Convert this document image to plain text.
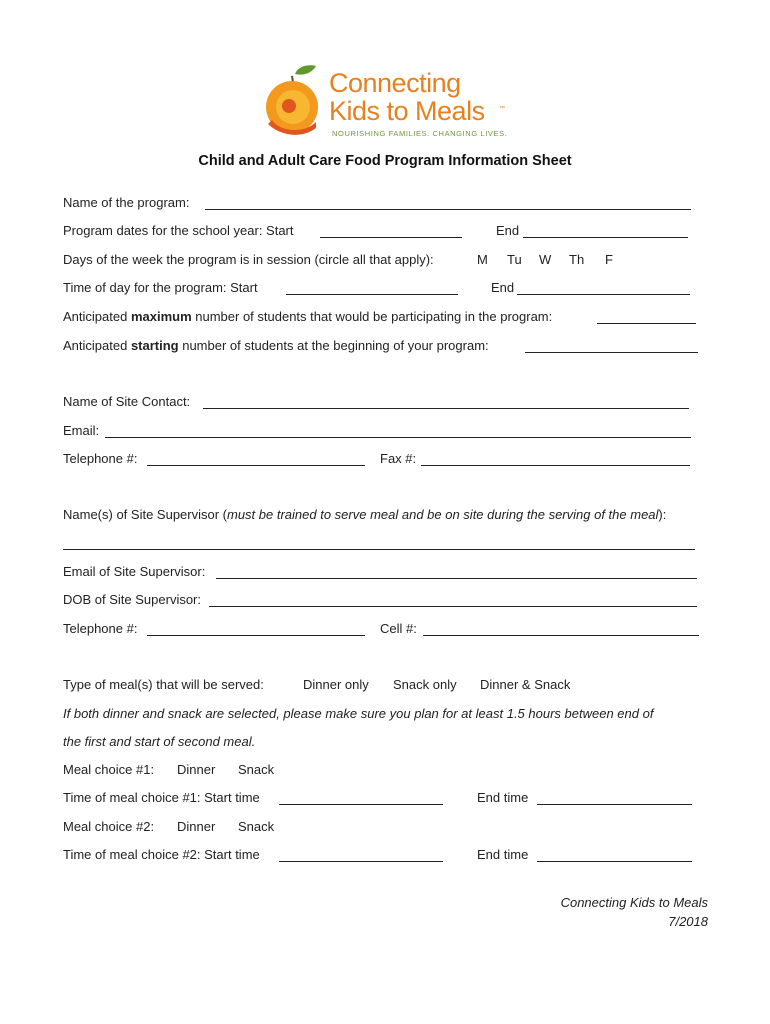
Connecting
Kids to Meals ™
NOURISHING FAMILIES. CHANGING LIVES.
Child and Adult Care Food Program Information Sheet
Name of the program:
Program dates for the school year: Start	End
Days of the week the program is in session (circle all that apply):	M Tu W Th F
Time of day for the program: Start	End
Anticipated maximum number of students that would be participating in the program:
Anticipated starting number of students at the beginning of your program:
Name of Site Contact:
Email:
Telephone #:	Fax #:
Name(s) of Site Supervisor (must be trained to serve meal and be on site during the serving of the meal):
Email of Site Supervisor:
DOB of Site Supervisor:
Telephone #:	Cell #:
Type of meal(s) that will be served:	Dinner only Snack only Dinner & Snack
If both dinner and snack are selected, please make sure you plan for at least 1.5 hours between end of
the first and start of second meal.
Meal choice #1: Dinner Snack
Time of meal choice #1: Start time	End time
Meal choice #2: Dinner Snack
Time of meal choice #2: Start time	End time
Connecting Kids to Meals
7/2018
